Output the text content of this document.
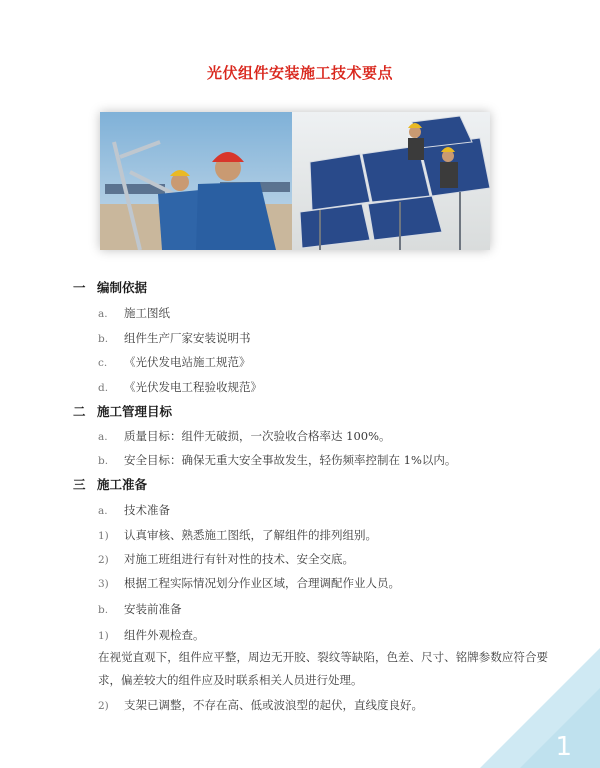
光伏组件安装施工技术要点
一 编制依据
a. 施工图纸
b. 组件生产厂家安装说明书
c. 《光伏发电站施工规范》
d. 《光伏发电工程验收规范》
二 施工管理目标
a. 质量目标：组件无破损，一次验收合格率达 100%。
b. 安全目标：确保无重大安全事故发生，轻伤频率控制在 1%以内。
三 施工准备
a. 技术准备
1) 认真审核、熟悉施工图纸，了解组件的排列组别。
2) 对施工班组进行有针对性的技术、安全交底。
3) 根据工程实际情况划分作业区域，合理调配作业人员。
b. 安装前准备
1) 组件外观检查。
在视觉直观下，组件应平整，周边无开胶、裂纹等缺陷，色差、尺寸、铭牌参数应符合要求，偏差较大的组件应及时联系相关人员进行处理。
2) 支架已调整，不存在高、低或波浪型的起伏，直线度良好。
1
